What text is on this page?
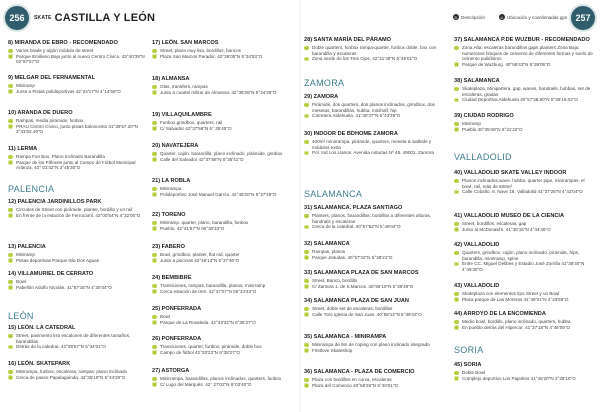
256	SKATE CASTILLA Y LEÓN	D Descripción	U Ubicación y coordenadas gps 257
8) MIRANDA DE EBRO - RECOMENDADO
Varios bowls y algún módulo de street
Parque Emiliano Bajo junto al nuevo Centro Cívico. 42°40'39"N 02°57'07"O
9) MELGAR DEL FERNAMENTAL
Miniramp
Junto a Pistas polideportivas 42°24'17"N 4°14'56"O
10) ARANDA DE DUERO
Rampas, media pirámide, funbox
PRAU Centro Cívico, junto pistas baloncesto 41°39'57.20"N 3°41'53.49"O
11) LERMA
Rampa Fun Box, Plano Inclinado Barandilla
Parque de los Piñones junto al Campo de Fútbol Municipal Arlanza. 42° 01'42"N 3°45'30"O
PALENCIA
12) PALENCIA JARDINILLOS PARK
Circuitos de Street con pirámide, planter, bordillo y un rail
En frente de la estación de Ferrocarril. 42°00'54"N 4°32'00"O
13) PALENCIA
Miniramp
Pistas deportivas Parque Isla Dos Aguas
14) VILLAMURIEL DE CERRATO
Bowl
Pabellón Adolfo Nicolás. 41°57'16"N 4°30'44"O
LEÓN
15) LEÓN. LA CATEDRAL
Street, pavimento liso escalones de diferentes tamaños, barandillas
Detrás de la catedral. 42°35'57"N 5°34'01"O
16) LEÓN. SKATEPARK
Minirampa, funbox, escaleras, rampas, plano inclinado
Cerca de paseo Papalaguinda. 42°35'19"N 5°34'28"O
17) LEÓN. SAN MARCOS
Street, plaza muy lisa, bordillos, bancos
Plaza San Marcos Parador. 42°36'05"N 5°34'53"O
18) ALMANSA
Olas, transfers, rampas
Junto a cuartel militar de Almansa. 42°36'26"N 5°34'36"O
19) VILLAQUILAMBRE
Funbox,grindbox, quarters, rail
C/ Salvador 42°37'58"N 5° 35'45"O
20) NAVATEJERA
Quarter, cajón, barandilla, plano inclinado, pirámide, grinbox
Calle del Salvador 42°37'58"N 5°35'41"O
21) LA ROBLA
Minirampa
Polideportivo José Manuel García. 42°48'20"N 5°37'49"O
22) TORENO
Miniramp, quarter, plano, barandilla, funbox
Pueblo. 42°41'57"N 06°30'33"O
23) FABERO
Bowl, grindbox, planter, flat rail, quarter
Junto a piscinas 42°46'13"N 6°37'46"O
24) BEMBIBRE
Transiciones, rampas, barandilla, planos, minirramp
Cerca estación de tren. 42°37'07"N 06°24'43"O
25) PONFERRADA
Bowl
Parque de La Rosaleda. 42°43'32"N 6°36'27"O
26) PONFERRADA
Transiciones, quarter, funbox, pirámide, doble box
Campo de fútbol 42°33'23"N 6°38'27"O
27) ASTORGA
Minirrampa, barandillas, planos inclinados, quarters, funbox
C/ Lugo del Marqués. 42° 27'02"N 6°03'40"O
28) SANTA MARÍA DEL PÁRAMO
Doble quarters, funbox rampa-quarter, funbox doble, box con barandilla y escaleras
Zona verde de los Tres Ojos. 42°21'38"N 5°45'01"O
ZAMORA
29) ZAMORA
Pirámide, dos quarters, dos planos inclinados, grindbox, dos mesetas, barandillas, hubba, minihalf, hip
Carretera Aldehuela. 41°30'37"N 5°43'29"O
30) INDOOR DE BDHOME ZAMORA
400m² minirrampa, pirámide, quarters, meseta & wallride y módulos extra
Pol. Ind Los Llanos. Avenida Asturias Nº 48. 49001. Zamora
SALAMANCA
31) SALAMANCA. PLAZA SANTIAGO
Planters, planos, barandillas, bordillos a diferentes alturas, handrails y escaleras
Cerca de la catedral. 40°57'52"N 5°40'04"O
32) SALAMANCA
Rampas, planos
Parque Jesuitas. 40°57'32"N 5°38'21"O
33) SALAMANCA PLAZA DE SAN MARCOS
Street, Banco, bordillo
C/ Zamora 1. de S.Marcos. 40°58'10"N 5°39'49"O
34) SALAMANCA PLAZA DE SAN JUAN
Street, doble set de escaleras, bordillos
Calle Toro Iglesia de San Juan. 40°58'12"N 5°39'42"O
35) SALAMANCA - MINIRAMPA
Minirampa de 9m de coping con plano inclinado integrado
Firstlove Skateshop
36) SALAMANCA - PLAZA DE COMERCIO
Plaza con bordillos en curva, escaleras
Plaza del Comercio 40°58'26"N 5°40'01"O
37) SALAMANCA P.DE WUZBUR - RECOMENDADO
Zona Alta: escaleras barandillas gaps planters Zona Baja: numerosos bloques de cemento de diferentes formas y suelo de cemento pulidísimo
Parque de Wuzburg. 40°58'43"N 5°39'05"O
38) SALAMANCA
Skateplaza, Minipartera, gap, wanes, handrails, hubbas, set de escaleras, gradas
Ciudad Deportiva Aldehuela 40°57'38.80"N 5°38'19.02"O
39) CIUDAD RODRIGO
Miniramp
Pueblo 40°35'49"N 6°31'22"O
VALLADOLID
40) VALLADOLID SKATE VALLEY INDOOR
Planos inclinados,wave, hubba, quarter pipe, minirampas, el bowl, rail, más de 500m²
Calle Cobalto, 8. Nave 18, Valladolid 41°37'25"N 4°42'04"O
41) VALLADOLID MUSEO DE LA CIENCIA
Street, bordillos, escaleras, gap
Junto al McDonald's. 41°38'15"N 4°44'45"O
42) VALLADOLID
Quarters, grindbox, cajón, plano inclinado, pirámide, hips, barandilla, minirramp, spine
Entre CC. Miguel Delibes y Estadio José Zorrilla 41°38'40"N 4°45'30"O
43) VALLADOLID
Skateplaza con elementos tipo Street y un Bowl
Plaza parque de Las Moreras 41°39'31"N 4°43'56"O
44) ARROYO DE LA ENCOMIENDA
Medio bowl, bordillo, plano inclinado, quarters, hubba
En pueblo detrás del Hipercor. 41°37'18"N 4°46'09"O
SORIA
45) SORIA
Doble Bowl
Complejo deportivo Los Pajaritos 41°45'20"N 2°28'10"O
